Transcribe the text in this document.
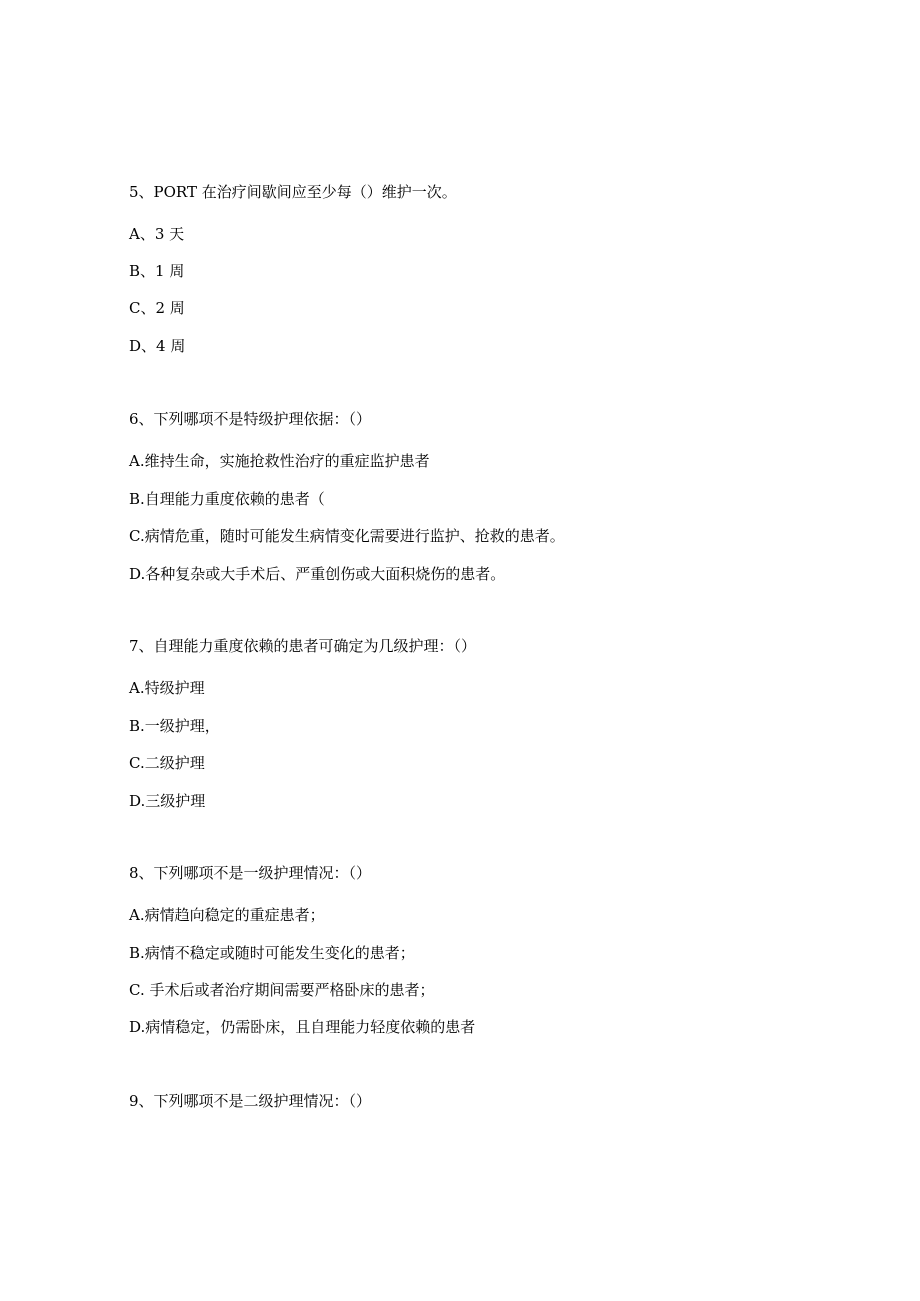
5、PORT 在治疗间歇间应至少每（）维护一次。
A、3 天
B、1 周
C、2 周
D、4 周
6、下列哪项不是特级护理依据：（）
A.维持生命，实施抢救性治疗的重症监护患者
B.自理能力重度依赖的患者（
C.病情危重，随时可能发生病情变化需要进行监护、抢救的患者。
D.各种复杂或大手术后、严重创伤或大面积烧伤的患者。
7、自理能力重度依赖的患者可确定为几级护理：（）
A.特级护理
B.一级护理，
C.二级护理
D.三级护理
8、下列哪项不是一级护理情况：（）
A.病情趋向稳定的重症患者；
B.病情不稳定或随时可能发生变化的患者；
C. 手术后或者治疗期间需要严格卧床的患者；
D.病情稳定，仍需卧床，且自理能力轻度依赖的患者
9、下列哪项不是二级护理情况：（）
